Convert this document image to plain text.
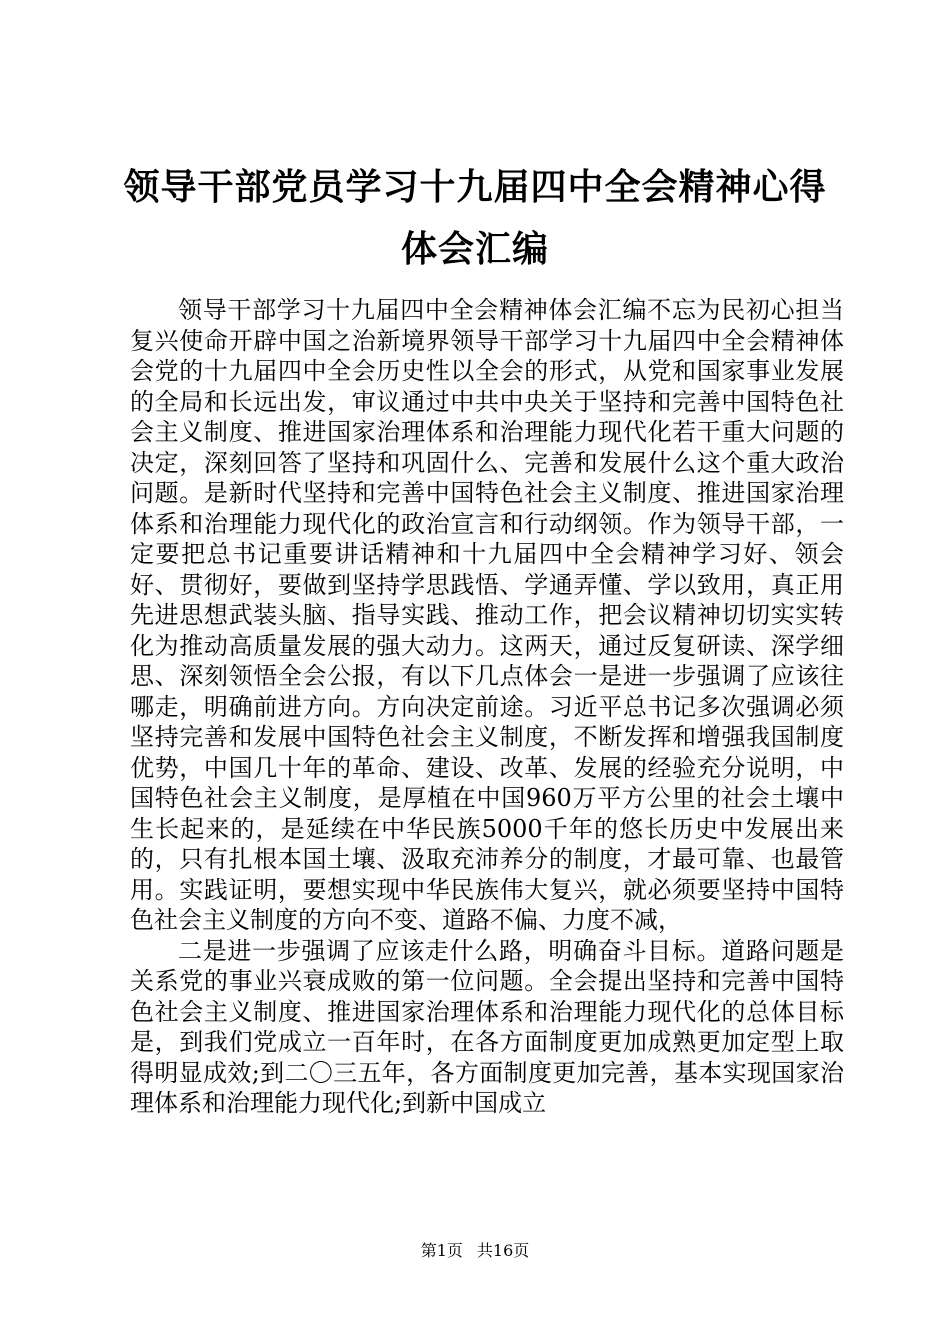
领导干部党员学习十九届四中全会精神心得体会汇编

领导干部学习十九届四中全会精神体会汇编不忘为民初心担当复兴使命开辟中国之治新境界领导干部学习十九届四中全会精神体会党的十九届四中全会历史性以全会的形式，从党和国家事业发展的全局和长远出发，审议通过中共中央关于坚持和完善中国特色社会主义制度、推进国家治理体系和治理能力现代化若干重大问题的决定，深刻回答了坚持和巩固什么、完善和发展什么这个重大政治问题。是新时代坚持和完善中国特色社会主义制度、推进国家治理体系和治理能力现代化的政治宣言和行动纲领。作为领导干部，一定要把总书记重要讲话精神和十九届四中全会精神学习好、领会好、贯彻好，要做到坚持学思践悟、学通弄懂、学以致用，真正用先进思想武装头脑、指导实践、推动工作，把会议精神切切实实转化为推动高质量发展的强大动力。这两天，通过反复研读、深学细思、深刻领悟全会公报，有以下几点体会一是进一步强调了应该往哪走，明确前进方向。方向决定前途。习近平总书记多次强调必须坚持完善和发展中国特色社会主义制度，不断发挥和增强我国制度优势，中国几十年的革命、建设、改革、发展的经验充分说明，中国特色社会主义制度，是厚植在中国960万平方公里的社会土壤中生长起来的，是延续在中华民族5000千年的悠长历史中发展出来的，只有扎根本国土壤、汲取充沛养分的制度，才最可靠、也最管用。实践证明，要想实现中华民族伟大复兴，就必须要坚持中国特色社会主义制度的方向不变、道路不偏、力度不减，

二是进一步强调了应该走什么路，明确奋斗目标。道路问题是关系党的事业兴衰成败的第一位问题。全会提出坚持和完善中国特色社会主义制度、推进国家治理体系和治理能力现代化的总体目标是，到我们党成立一百年时，在各方面制度更加成熟更加定型上取得明显成效;到二〇三五年，各方面制度更加完善，基本实现国家治理体系和治理能力现代化;到新中国成立

第1页 共16页
